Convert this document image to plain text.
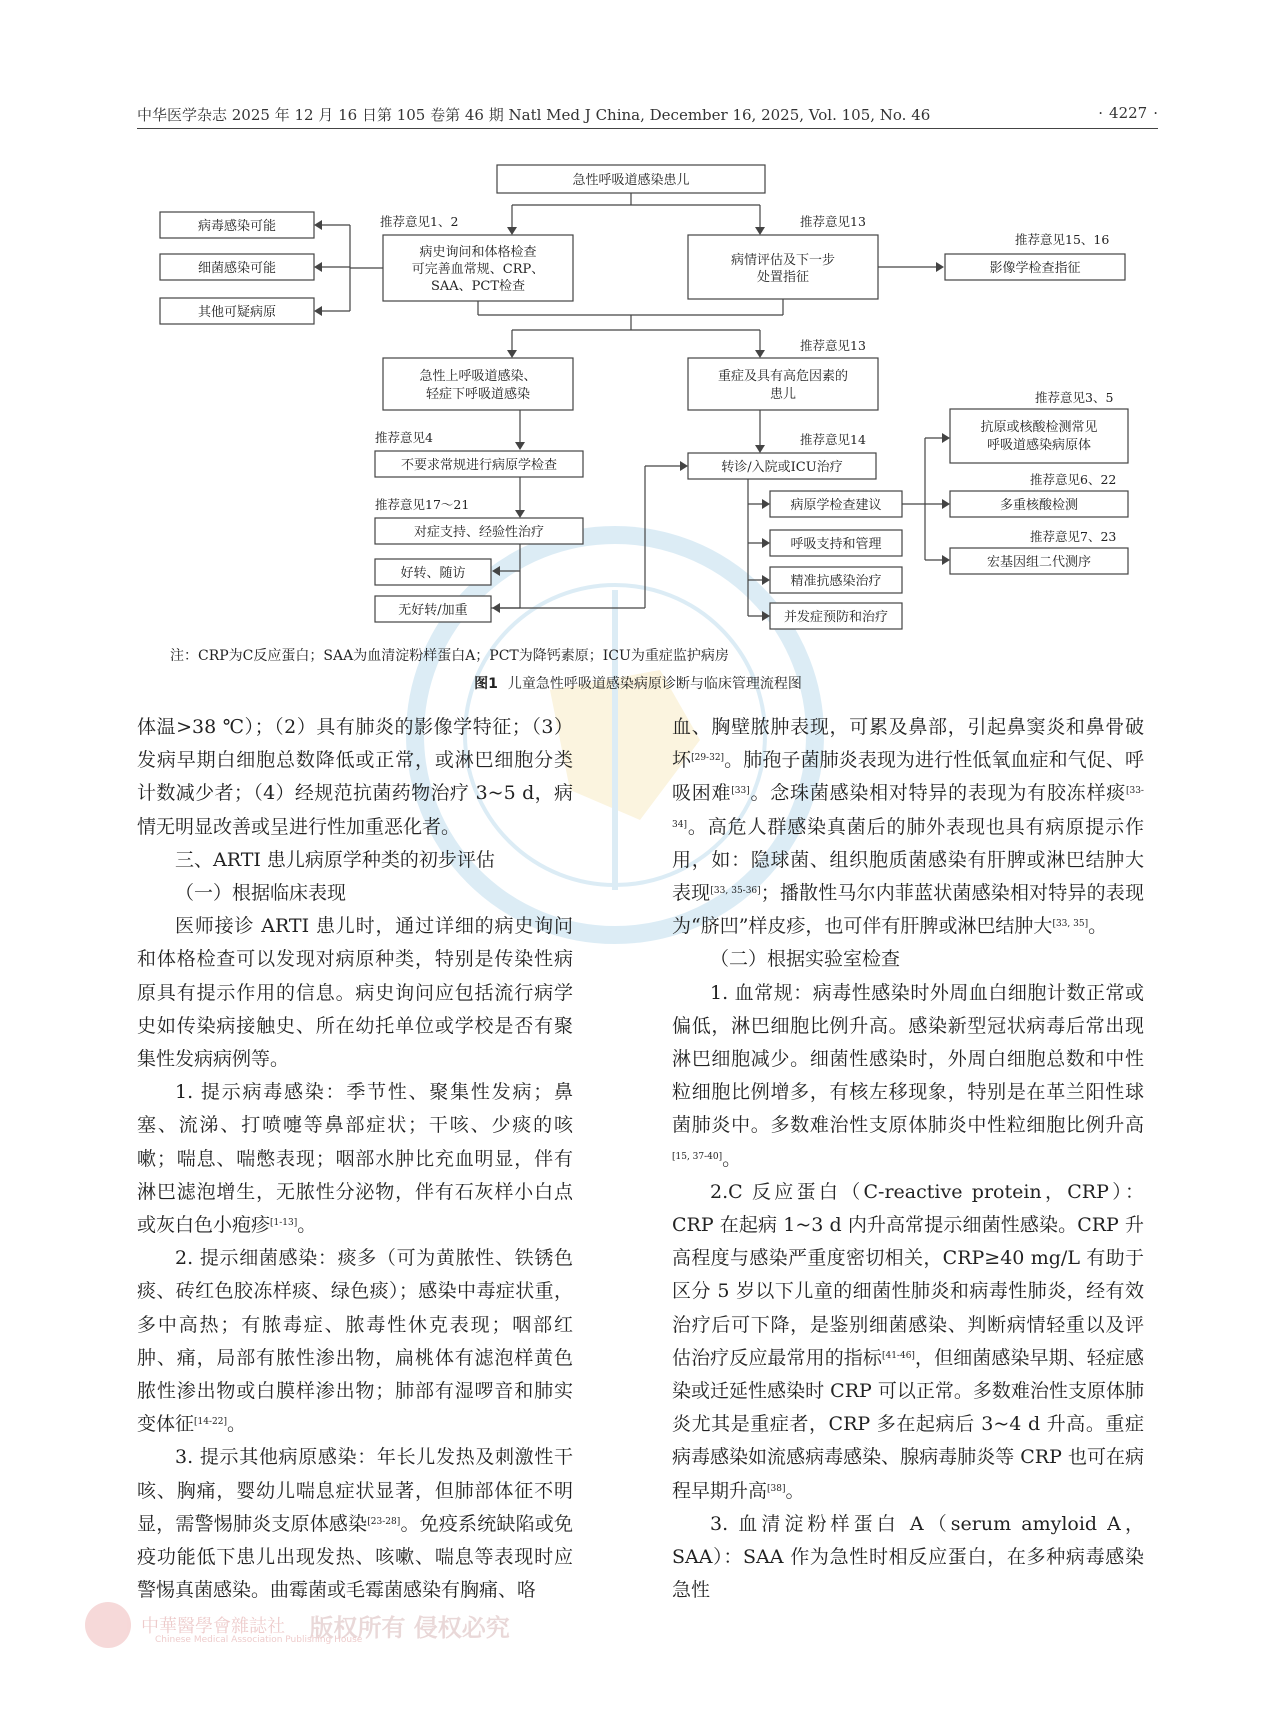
中华医学杂志 2025 年 12 月 16 日第 105 卷第 46 期 Natl Med J China, December 16, 2025, Vol. 105, No. 46	· 4227 ·
急性呼吸道感染患儿
推荐意见1、2
病史询问和体格检查
可完善血常规、CRP、
SAA、PCT检查
病毒感染可能
细菌感染可能
其他可疑病原
推荐意见13
病情评估及下一步
处置指征
推荐意见15、16
影像学检查指征
急性上呼吸道感染、
轻症下呼吸道感染
推荐意见13
重症及具有高危因素的
患儿
推荐意见4
不要求常规进行病原学检查
推荐意见17～21
对症支持、经验性治疗
好转、随访
无好转/加重
推荐意见14
转诊/入院或ICU治疗
病原学检查建议
呼吸支持和管理
精准抗感染治疗
并发症预防和治疗
推荐意见3、5
抗原或核酸检测常见
呼吸道感染病原体
推荐意见6、22
多重核酸检测
推荐意见7、23
宏基因组二代测序
注：CRP为C反应蛋白；SAA为血清淀粉样蛋白A；PCT为降钙素原；ICU为重症监护病房
图1 儿童急性呼吸道感染病原诊断与临床管理流程图

体温>38 ℃）；（2）具有肺炎的影像学特征；（3）发病早期白细胞总数降低或正常，或淋巴细胞分类计数减少者；（4）经规范抗菌药物治疗 3~5 d，病情无明显改善或呈进行性加重恶化者。

三、ARTI 患儿病原学种类的初步评估

（一）根据临床表现

医师接诊 ARTI 患儿时，通过详细的病史询问和体格检查可以发现对病原种类，特别是传染性病原具有提示作用的信息。病史询问应包括流行病学史如传染病接触史、所在幼托单位或学校是否有聚集性发病病例等。

1. 提示病毒感染：季节性、聚集性发病；鼻塞、流涕、打喷嚏等鼻部症状；干咳、少痰的咳嗽；喘息、喘憋表现；咽部水肿比充血明显，伴有淋巴滤泡增生，无脓性分泌物，伴有石灰样小白点或灰白色小疱疹[1-13]。

2. 提示细菌感染：痰多（可为黄脓性、铁锈色痰、砖红色胶冻样痰、绿色痰）；感染中毒症状重，多中高热；有脓毒症、脓毒性休克表现；咽部红肿、痛，局部有脓性渗出物，扁桃体有滤泡样黄色脓性渗出物或白膜样渗出物；肺部有湿啰音和肺实变体征[14-22]。

3. 提示其他病原感染：年长儿发热及刺激性干咳、胸痛，婴幼儿喘息症状显著，但肺部体征不明显，需警惕肺炎支原体感染[23-28]。免疫系统缺陷或免疫功能低下患儿出现发热、咳嗽、喘息等表现时应警惕真菌感染。曲霉菌或毛霉菌感染有胸痛、咯

血、胸壁脓肿表现，可累及鼻部，引起鼻窦炎和鼻骨破坏[29-32]。肺孢子菌肺炎表现为进行性低氧血症和气促、呼吸困难[33]。念珠菌感染相对特异的表现为有胶冻样痰[33-34]。高危人群感染真菌后的肺外表现也具有病原提示作用，如：隐球菌、组织胞质菌感染有肝脾或淋巴结肿大表现[33, 35-36]；播散性马尔内菲蓝状菌感染相对特异的表现为“脐凹”样皮疹，也可伴有肝脾或淋巴结肿大[33, 35]。

（二）根据实验室检查

1. 血常规：病毒性感染时外周血白细胞计数正常或偏低，淋巴细胞比例升高。感染新型冠状病毒后常出现淋巴细胞减少。细菌性感染时，外周白细胞总数和中性粒细胞比例增多，有核左移现象，特别是在革兰阳性球菌肺炎中。多数难治性支原体肺炎中性粒细胞比例升高[15, 37-40]。

2.C 反应蛋白（C-reactive protein，CRP）：CRP 在起病 1~3 d 内升高常提示细菌性感染。CRP 升高程度与感染严重度密切相关，CRP≥40 mg/L 有助于区分 5 岁以下儿童的细菌性肺炎和病毒性肺炎，经有效治疗后可下降，是鉴别细菌感染、判断病情轻重以及评估治疗反应最常用的指标[41-46]，但细菌感染早期、轻症感染或迁延性感染时 CRP 可以正常。多数难治性支原体肺炎尤其是重症者，CRP 多在起病后 3~4 d 升高。重症病毒感染如流感病毒感染、腺病毒肺炎等 CRP 也可在病程早期升高[38]。

3. 血清淀粉样蛋白 A（serum amyloid A，SAA）：SAA 作为急性时相反应蛋白，在多种病毒感染急性

中華醫學會雜誌社
Chinese Medical Association Publishing House
版权所有 侵权必究
